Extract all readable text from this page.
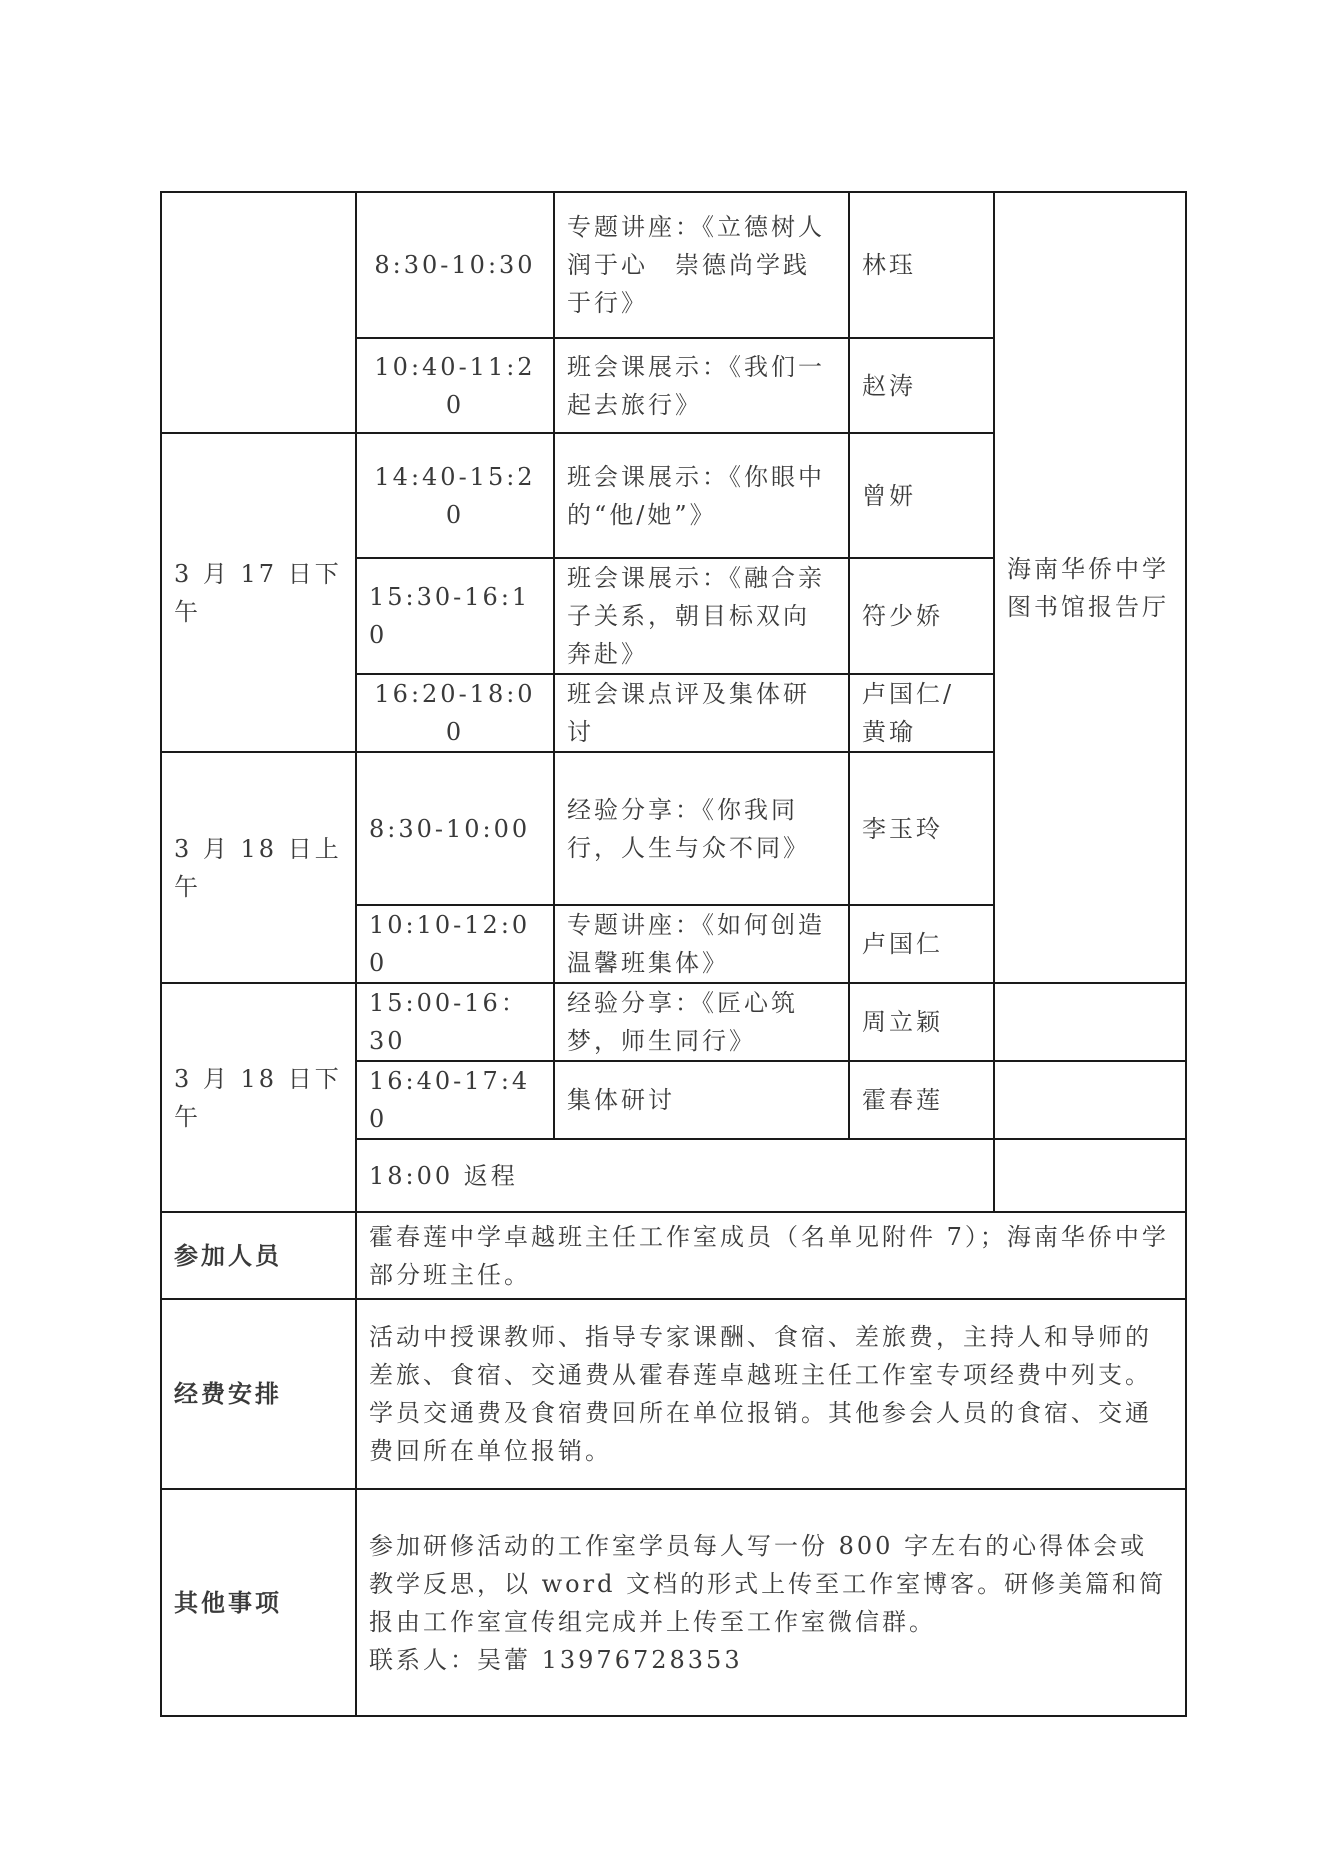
	8:30-10:30	专题讲座：《立德树人 润于心　崇德尚学践于行》	林珏	海南华侨中学图书馆报告厅
	10:40-11:20	班会课展示：《我们一起去旅行》	赵涛	
3 月 17 日下午	14:40-15:20	班会课展示：《你眼中的“他/她”》	曾妍	
	15:30-16:10	班会课展示：《融合亲子关系，朝目标双向奔赴》	符少娇	
	16:20-18:00	班会课点评及集体研讨	卢国仁/黄瑜	
3 月 18 日上午	8:30-10:00	经验分享：《你我同行，人生与众不同》	李玉玲	
	10:10-12:00	专题讲座：《如何创造温馨班集体》	卢国仁	
3 月 18 日下午	15:00-16：30	经验分享：《匠心筑梦，师生同行》	周立颖	
	16:40-17:40	集体研讨	霍春莲	
	18:00 返程			
参加人员	霍春莲中学卓越班主任工作室成员（名单见附件 7）；海南华侨中学部分班主任。			
经费安排	活动中授课教师、指导专家课酬、食宿、差旅费，主持人和导师的差旅、食宿、交通费从霍春莲卓越班主任工作室专项经费中列支。学员交通费及食宿费回所在单位报销。其他参会人员的食宿、交通费回所在单位报销。			
其他事项	参加研修活动的工作室学员每人写一份 800 字左右的心得体会或教学反思，以 word 文档的形式上传至工作室博客。研修美篇和简报由工作室宣传组完成并上传至工作室微信群。
联系人：吴蕾 13976728353			
